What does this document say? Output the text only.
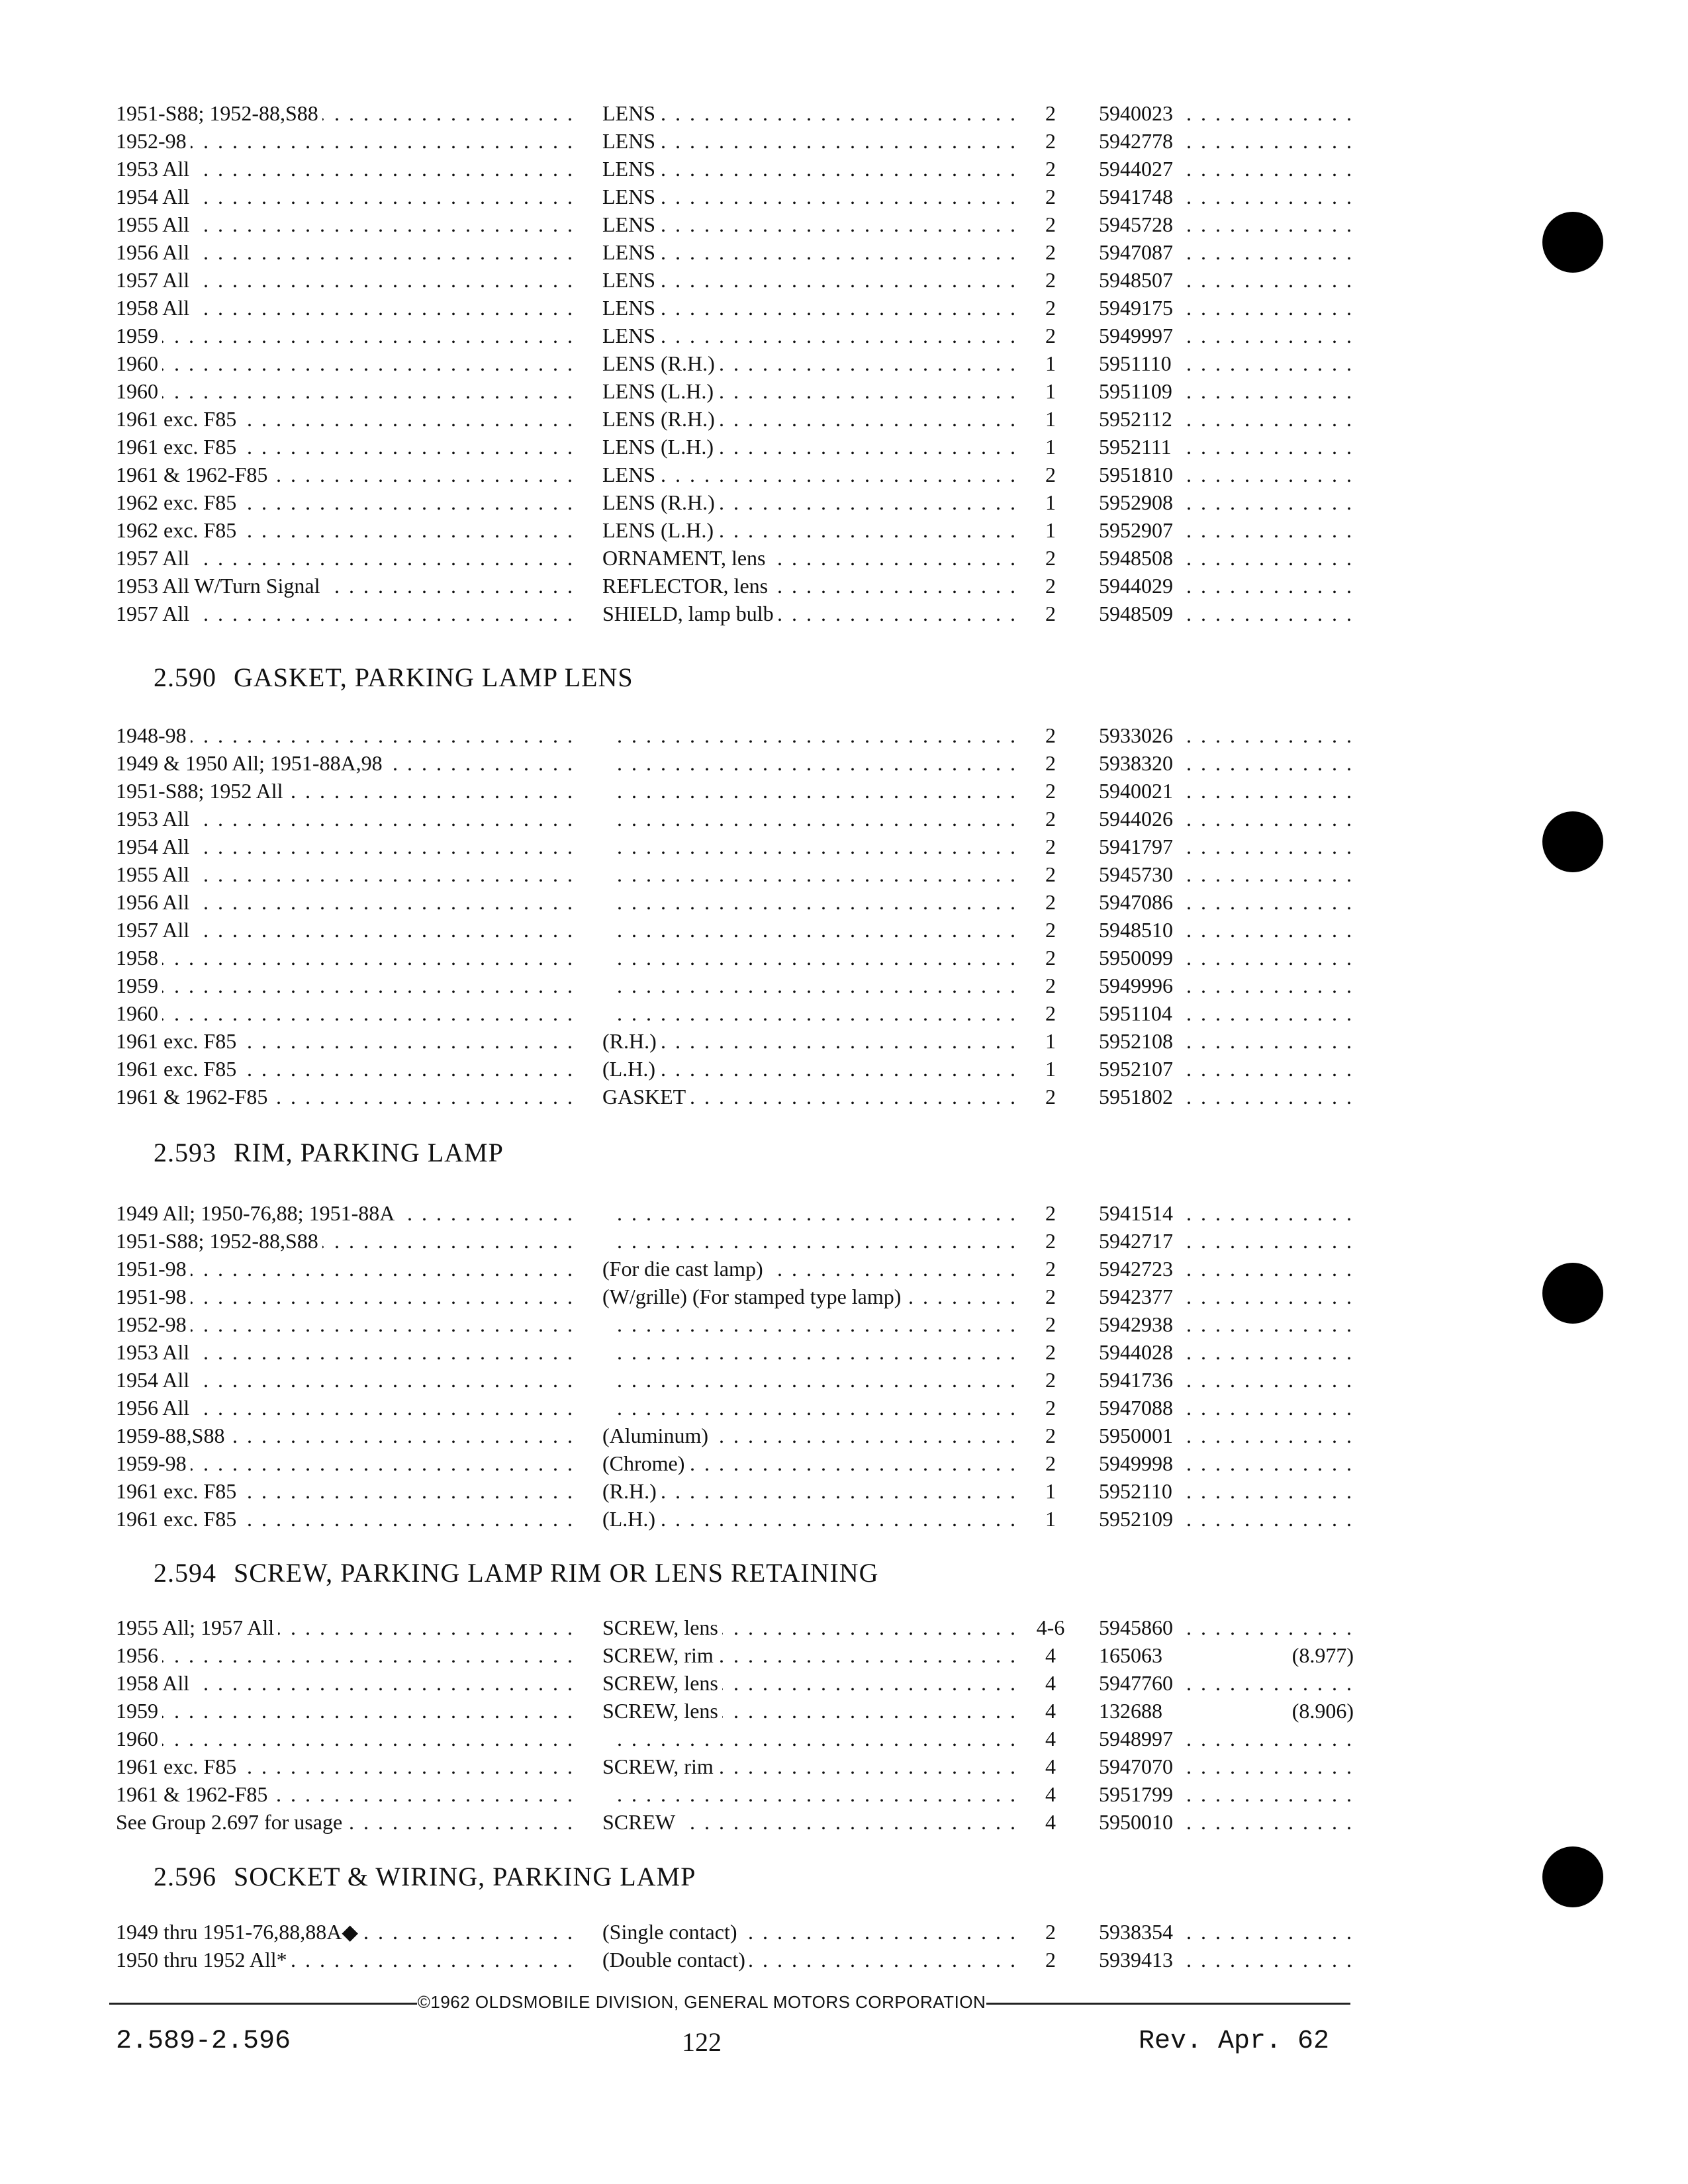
1951-S88; 1952-88,S88 . . .	LENS . . .	2	5940023 . . .
1952-98 . . .	LENS . . .	2	5942778 . . .
1953 All . . .	LENS . . .	2	5944027 . . .
1954 All . . .	LENS . . .	2	5941748 . . .
1955 All . . .	LENS . . .	2	5945728 . . .
1956 All . . .	LENS . . .	2	5947087 . . .
1957 All . . .	LENS . . .	2	5948507 . . .
1958 All . . .	LENS . . .	2	5949175 . . .
1959 . . .	LENS . . .	2	5949997 . . .
1960 . . .	LENS (R.H.) . . .	1	5951110 . . .
1960 . . .	LENS (L.H.) . . .	1	5951109 . . .
1961 exc. F85 . . .	LENS (R.H.) . . .	1	5952112 . . .
1961 exc. F85 . . .	LENS (L.H.) . . .	1	5952111 . . .
1961 & 1962-F85 . . .	LENS . . .	2	5951810 . . .
1962 exc. F85 . . .	LENS (R.H.) . . .	1	5952908 . . .
1962 exc. F85 . . .	LENS (L.H.) . . .	1	5952907 . . .
1957 All . . .	ORNAMENT, lens . . .	2	5948508 . . .
1953 All W/Turn Signal . . .	REFLECTOR, lens . . .	2	5944029 . . .
1957 All . . .	SHIELD, lamp bulb . . .	2	5948509 . . .
2.590 GASKET, PARKING LAMP LENS
1948-98 . . . . . .	2	5933026 . . .
1949 & 1950 All; 1951-88A,98 . . . . . .	2	5938320 . . .
1951-S88; 1952 All . . . . . .	2	5940021 . . .
1953 All . . . . . .	2	5944026 . . .
1954 All . . . . . .	2	5941797 . . .
1955 All . . . . . .	2	5945730 . . .
1956 All . . . . . .	2	5947086 . . .
1957 All . . . . . .	2	5948510 . . .
1958 . . . . . .	2	5950099 . . .
1959 . . . . . .	2	5949996 . . .
1960 . . . . . .	2	5951104 . . .
1961 exc. F85 . . .	(R.H.) . . .	1	5952108 . . .
1961 exc. F85 . . .	(L.H.) . . .	1	5952107 . . .
1961 & 1962-F85 . . .	GASKET . . .	2	5951802 . . .
2.593 RIM, PARKING LAMP
1949 All; 1950-76,88; 1951-88A . . . . . .	2	5941514 . . .
1951-S88; 1952-88,S88 . . . . . .	2	5942717 . . .
1951-98 . . .	(For die cast lamp) . . .	2	5942723 . . .
1951-98 . . .	(W/grille) (For stamped type lamp) . . .	2	5942377 . . .
1952-98 . . . . . .	2	5942938 . . .
1953 All . . . . . .	2	5944028 . . .
1954 All . . . . . .	2	5941736 . . .
1956 All . . . . . .	2	5947088 . . .
1959-88,S88 . . .	(Aluminum) . . .	2	5950001 . . .
1959-98 . . .	(Chrome) . . .	2	5949998 . . .
1961 exc. F85 . . .	(R.H.) . . .	1	5952110 . . .
1961 exc. F85 . . .	(L.H.) . . .	1	5952109 . . .
2.594 SCREW, PARKING LAMP RIM OR LENS RETAINING
1955 All; 1957 All . . .	SCREW, lens . . .	4-6	5945860 . . .
1956 . . .	SCREW, rim . . .	4	165063	(8.977)
1958 All . . .	SCREW, lens . . .	4	5947760 . . .
1959 . . .	SCREW, lens . . .	4	132688	(8.906)
1960 . . . . . .	4	5948997 . . .
1961 exc. F85 . . .	SCREW, rim . . .	4	5947070 . . .
1961 & 1962-F85 . . . . . .	4	5951799 . . .
See Group 2.697 for usage . . .	SCREW . . .	4	5950010 . . .
2.596 SOCKET & WIRING, PARKING LAMP
1949 thru 1951-76,88,88A◆ . . .	(Single contact) . . .	2	5938354 . . .
1950 thru 1952 All* . . .	(Double contact) . . .	2	5939413 . . .
©1962 OLDSMOBILE DIVISION, GENERAL MOTORS CORPORATION
2.589-2.596	122	Rev. Apr. 62
